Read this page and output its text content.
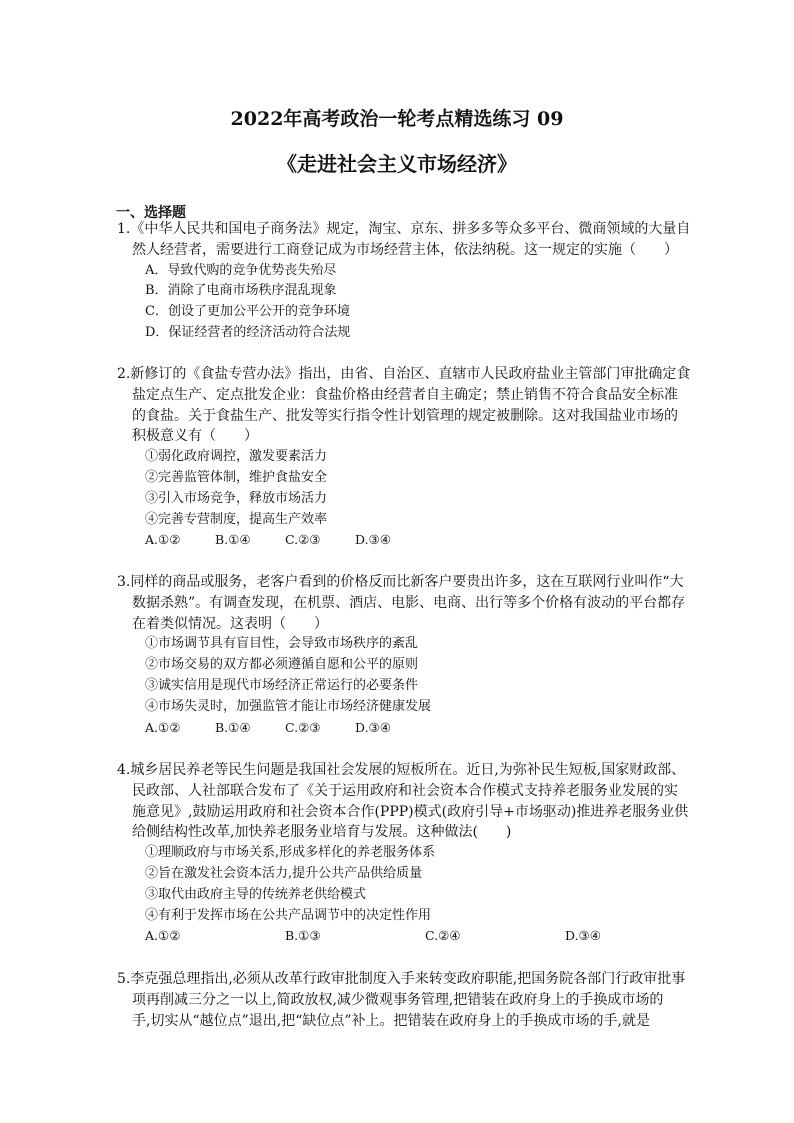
2022年高考政治一轮考点精选练习 09
《走进社会主义市场经济》
一、选择题
1.《中华人民共和国电子商务法》规定，淘宝、京东、拼多多等众多平台、微商领域的大量自
然人经营者，需要进行工商登记成为市场经营主体，依法纳税。这一规定的实施（　　）
A．导致代购的竞争优势丧失殆尽
B．消除了电商市场秩序混乱现象
C．创设了更加公平公开的竞争环境
D．保证经营者的经济活动符合法规
2.新修订的《食盐专营办法》指出，由省、自治区、直辖市人民政府盐业主管部门审批确定食
盐定点生产、定点批发企业：食盐价格由经营者自主确定；禁止销售不符合食品安全标准
的食盐。关于食盐生产、批发等实行指令性计划管理的规定被删除。这对我国盐业市场的
积极意义有（　　）
①弱化政府调控，激发要素活力
②完善监管体制，维护食盐安全
③引入市场竞争，释放市场活力
④完善专营制度，提高生产效率
A.①②	B.①④	C.②③	D.③④
3.同样的商品或服务，老客户看到的价格反而比新客户要贵出许多，这在互联网行业叫作“大
数据杀熟”。有调查发现，在机票、酒店、电影、电商、出行等多个价格有波动的平台都存
在着类似情况。这表明（　　）
①市场调节具有盲目性，会导致市场秩序的紊乱
②市场交易的双方都必须遵循自愿和公平的原则
③诚实信用是现代市场经济正常运行的必要条件
④市场失灵时，加强监管才能让市场经济健康发展
A.①②	B.①④	C.②③	D.③④
4.城乡居民养老等民生问题是我国社会发展的短板所在。近日,为弥补民生短板,国家财政部、
民政部、人社部联合发布了《关于运用政府和社会资本合作模式支持养老服务业发展的实
施意见》,鼓励运用政府和社会资本合作(PPP)模式(政府引导+市场驱动)推进养老服务业供
给侧结构性改革,加快养老服务业培育与发展。这种做法(　　)
①理顺政府与市场关系,形成多样化的养老服务体系
②旨在激发社会资本活力,提升公共产品供给质量
③取代由政府主导的传统养老供给模式
④有利于发挥市场在公共产品调节中的决定性作用
A.①②	B.①③	C.②④	D.③④
5.李克强总理指出,必须从改革行政审批制度入手来转变政府职能,把国务院各部门行政审批事
项再削减三分之一以上,简政放权,减少微观事务管理,把错装在政府身上的手换成市场的
手,切实从“越位点”退出,把“缺位点”补上。把错装在政府身上的手换成市场的手,就是
